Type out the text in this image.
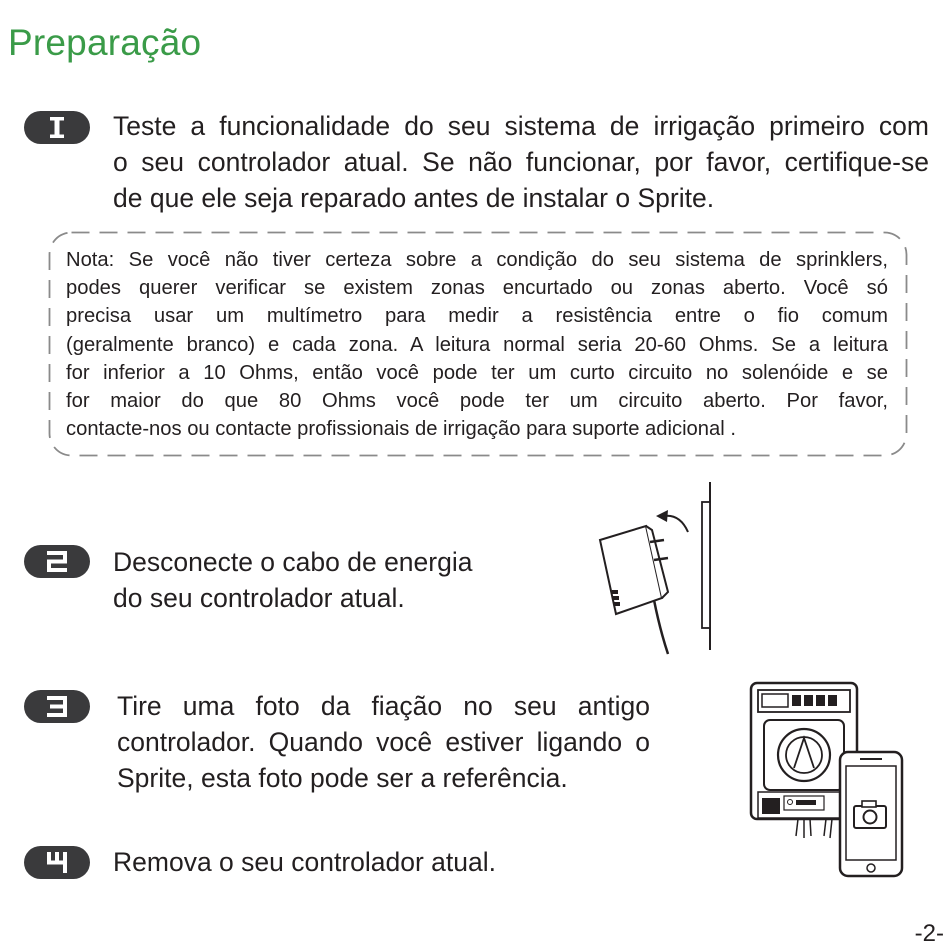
Preparação
Teste a funcionalidade do seu sistema de irrigação primeiro com
o seu controlador atual. Se não funcionar, por favor, certifique-se
de que ele seja reparado antes de instalar o Sprite.
Nota: Se você não tiver certeza sobre a condição do seu sistema de sprinklers,
podes querer verificar se existem zonas encurtado ou zonas aberto. Você só
precisa usar um multímetro para medir a resistência entre o fio comum
(geralmente branco) e cada zona. A leitura normal seria 20-60 Ohms. Se a leitura
for inferior a 10 Ohms, então você pode ter um curto circuito no solenóide e se
for maior do que 80 Ohms você pode ter um circuito aberto. Por favor,
contacte-nos ou contacte profissionais de irrigação para suporte adicional .
Desconecte o cabo de energia
do seu controlador atual.
Tire uma foto da fiação no seu antigo
controlador. Quando você estiver ligando o
Sprite, esta foto pode ser a referência.
Remova o seu controlador atual.
-2-
